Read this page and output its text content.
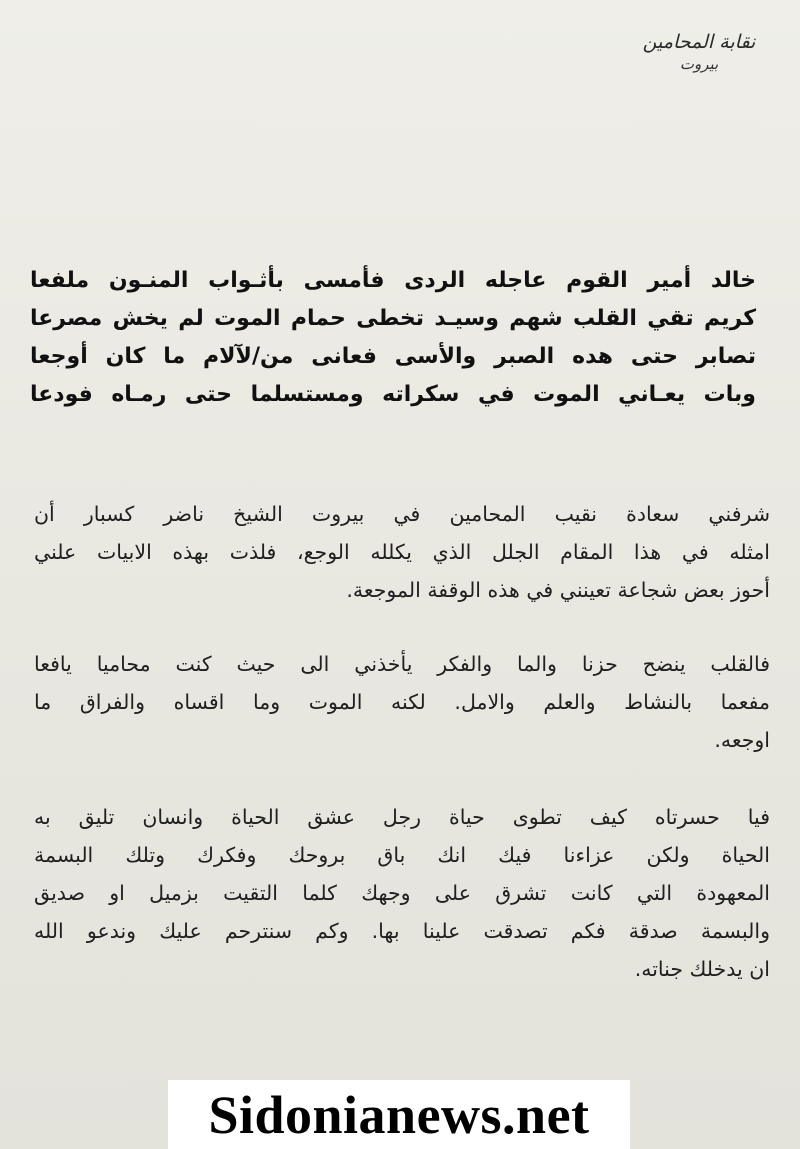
نقابة المحامين
بيروت
خالد أمير القوم عاجله الردى فأمسى بأثـواب المنـون ملفعا
كريم تقي القلب شهم وسيـد تخطى حمام الموت لم يخش مصرعا
تصابر حتى هده الصبر والأسى فعانى من/لآلام ما كان أوجعا
وبات يعـاني الموت في سكراته ومستسلما حتى رمـاه فودعا
شرفني سعادة نقيب المحامين في بيروت الشيخ ناضر كسبار أن
امثله في هذا المقام الجلل الذي يكلله الوجع، فلذت بهذه الابيات علني
أحوز بعض شجاعة تعينني في هذه الوقفة الموجعة.
فالقلب ينضح حزنا والما والفكر يأخذني الى حيث كنت محاميا يافعا
مفعما بالنشاط والعلم والامل. لكنه الموت وما اقساه والفراق ما
اوجعه.
فيا حسرتاه كيف تطوى حياة رجل عشق الحياة وانسان تليق به
الحياة ولكن عزاءنا فيك انك باق بروحك وفكرك وتلك البسمة
المعهودة التي كانت تشرق على وجهك كلما التقيت بزميل او صديق
والبسمة صدقة فكم تصدقت علينا بها. وكم سنترحم عليك وندعو الله
ان يدخلك جناته.
Sidonianews.net
